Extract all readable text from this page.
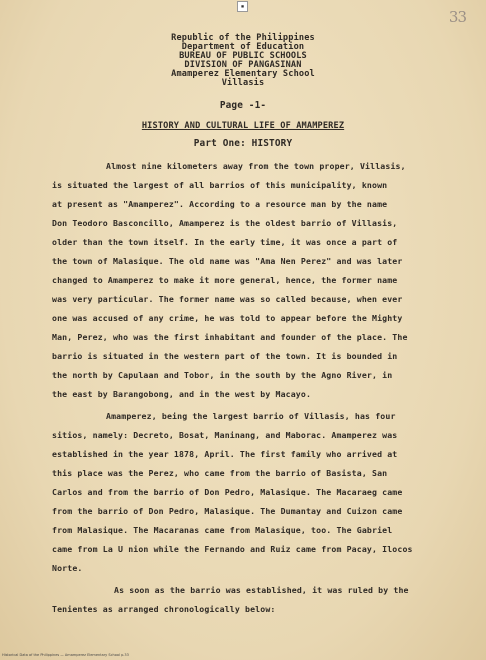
▪
33
Republic of the Philippines
Department of Education
BUREAU OF PUBLIC SCHOOLS
DIVISION OF PANGASINAN
Amamperez Elementary School
Villasis
Page -1-
HISTORY AND CULTURAL LIFE OF AMAMPEREZ
Part One: HISTORY
Almost nine kilometers away from the town proper, Villasis,
is situated the largest of all barrios of this municipality, known
at present as "Amamperez". According to a resource man by the name
Don Teodoro Basconcillo, Amamperez is the oldest barrio of Villasis,
older than the town itself. In the early time, it was once a part of
the town of Malasique. The old name was "Ama Nen Perez" and was later
changed to Amamperez to make it more general, hence, the former name
was very particular. The former name was so called because, when ever
one was accused of any crime, he was told to appear before the Mighty
Man, Perez, who was the first inhabitant and founder of the place. The
barrio is situated in the western part of the town. It is bounded in
the north by Capulaan and Tobor, in the south by the Agno River, in
the east by Barangobong, and in the west by Macayo.
Amamperez, being the largest barrio of Villasis, has four
sitios, namely: Decreto, Bosat, Maninang, and Maborac. Amamperez was
established in the year 1878, April. The first family who arrived at
this place was the Perez, who came from the barrio of Basista, San
Carlos and from the barrio of Don Pedro, Malasique. The Macaraeg came
from the barrio of Don Pedro, Malasique. The Dumantay and Cuizon came
from Malasique. The Macaranas came from Malasique, too. The Gabriel
came from La U nion while the Fernando and Ruiz came from Pacay, Ilocos
Norte.
As soon as the barrio was established, it was ruled by the
Tenientes as arranged chronologically below:
Historical Data of the Philippines — Amamperez Elementary School p.33
